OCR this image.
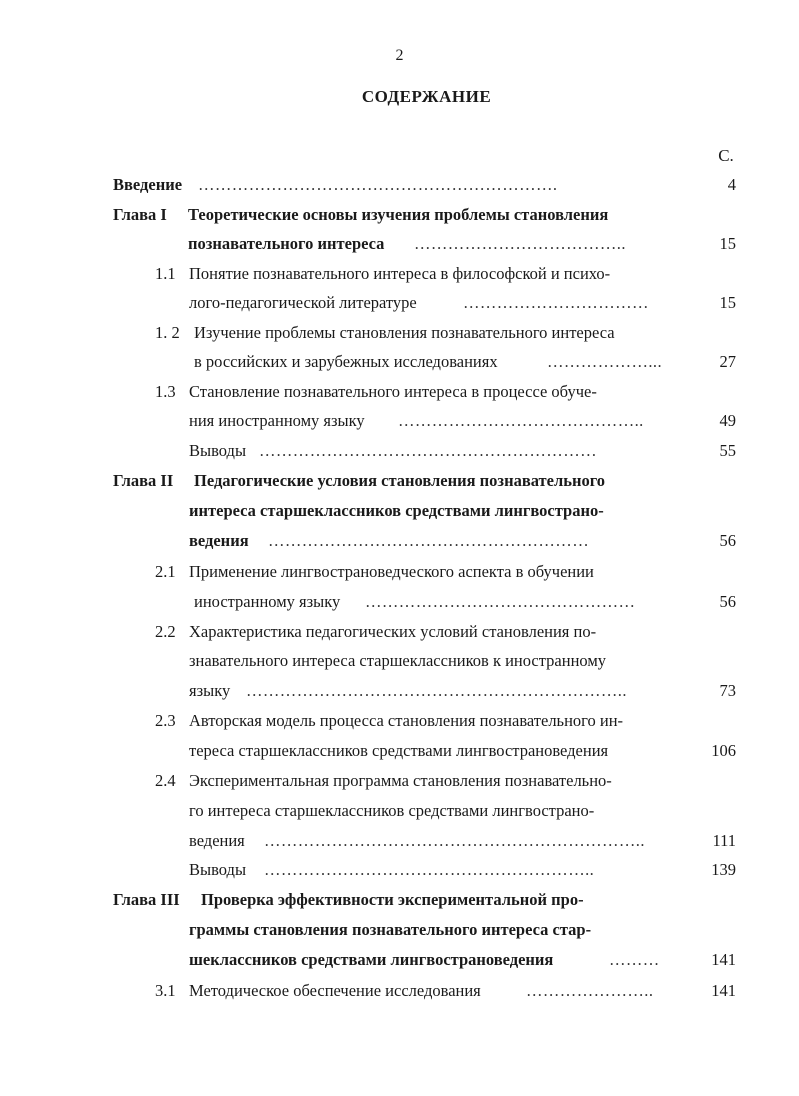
2
СОДЕРЖАНИЕ
С.
Введение ……………………………………………………….	4
Глава I Теоретические основы изучения проблемы становления
познавательного интереса ………………………………..	15
1.1 Понятие познавательного интереса в философской и психо-
лого-педагогической литературе	……………………………	15
1. 2 Изучение проблемы становления познавательного интереса
в российских и зарубежных исследованиях	………………...	27
1.3 Становление познавательного интереса в процессе обуче-
ния иностранному языку ……………………………………..	49
Выводы ……………………………………………………	55
Глава II Педагогические условия становления познавательного
интереса старшеклассников средствами лингвострано-
ведения …………………………………………………	56
2.1 Применение лингвострановедческого аспекта в обучении
иностранному языку …………………………………………	56
2.2 Характеристика педагогических условий становления по-
знавательного интереса старшеклассников к иностранному
языку …………………………………………………………..	73
2.3 Авторская модель процесса становления познавательного ин-
тереса старшеклассников средствами лингвострановедения	106
2.4 Экспериментальная программа становления познавательно-
го интереса старшеклассников средствами лингвострано-
ведения …………………………………………………………..	111
Выводы …………………………………………………..	139
Глава III Проверка эффективности экспериментальной про-
граммы становления познавательного интереса стар-
шеклассников средствами лингвострановедения	………	141
3.1 Методическое обеспечение исследования	…………………..	141
